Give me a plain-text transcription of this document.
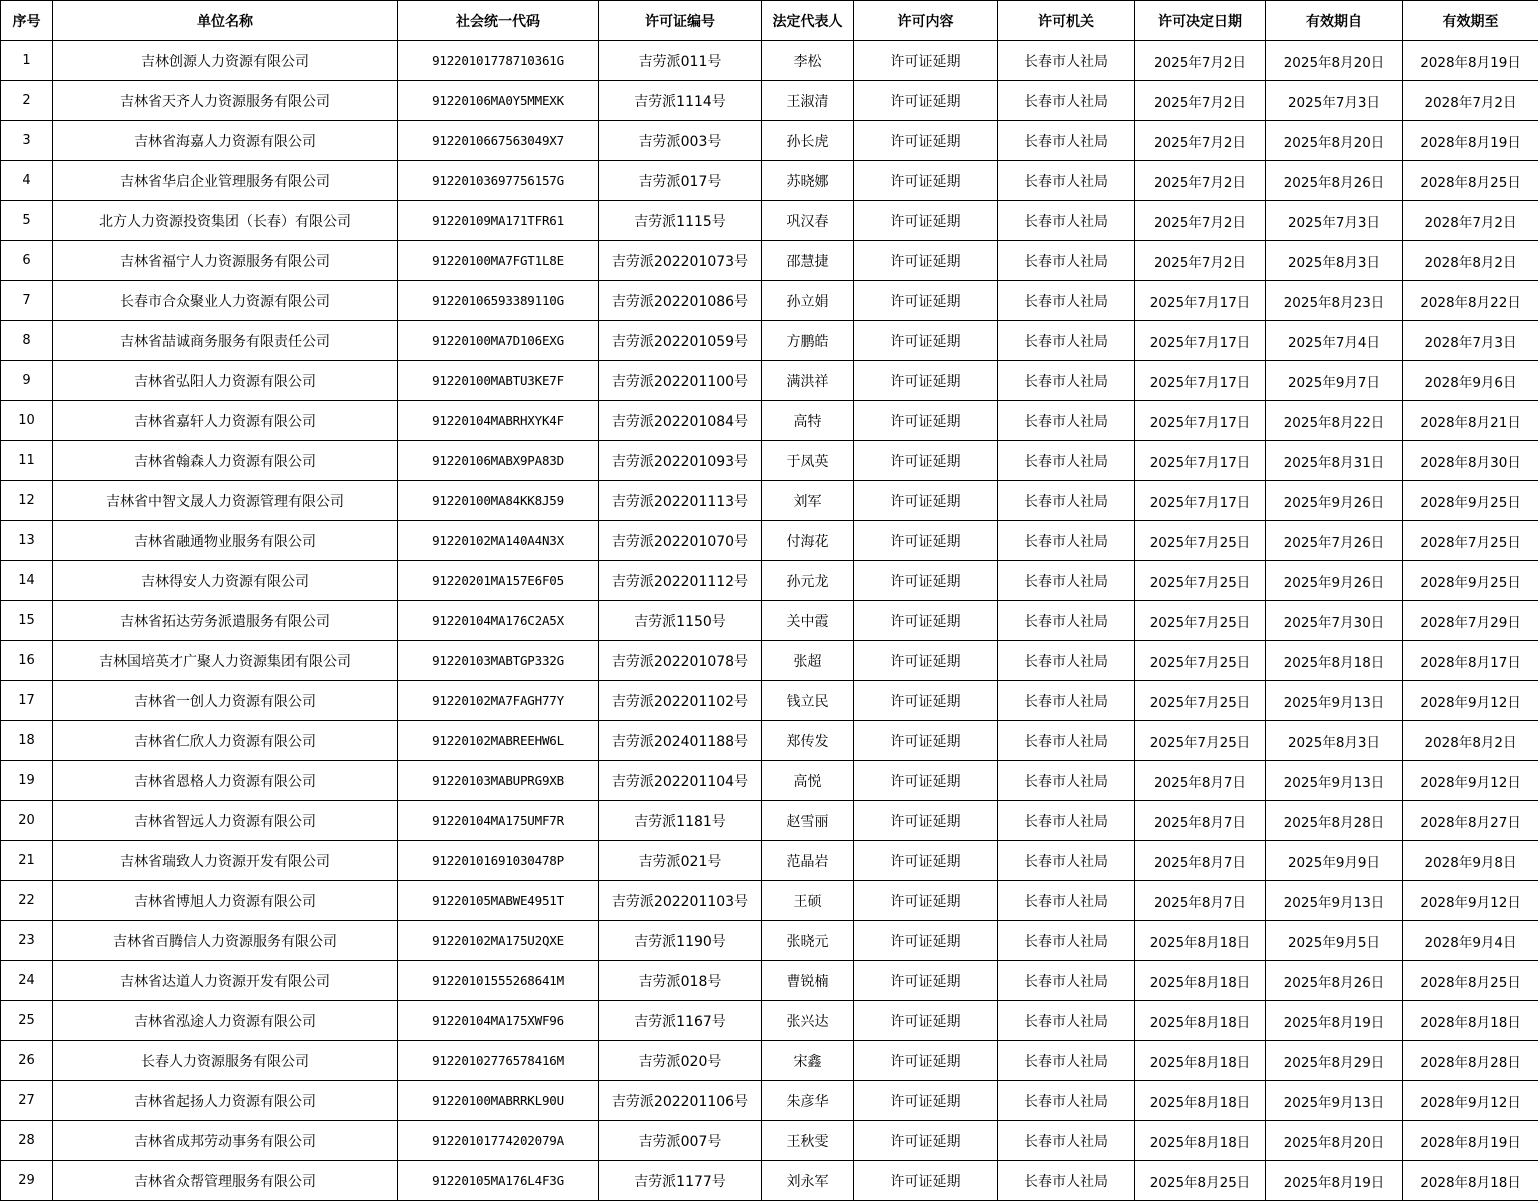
序号	单位名称	社会统一代码	许可证编号	法定代表人	许可内容	许可机关	许可决定日期	有效期自	有效期至
1	吉林创源人力资源有限公司	91220101778710361G	吉劳派011号	李松	许可证延期	长春市人社局	2025年7月2日	2025年8月20日	2028年8月19日
2	吉林省天齐人力资源服务有限公司	91220106MA0Y5MMEXK	吉劳派1114号	王淑清	许可证延期	长春市人社局	2025年7月2日	2025年7月3日	2028年7月2日
3	吉林省海嘉人力资源有限公司	9122010667563049X7	吉劳派003号	孙长虎	许可证延期	长春市人社局	2025年7月2日	2025年8月20日	2028年8月19日
4	吉林省华启企业管理服务有限公司	91220103697756157G	吉劳派017号	苏晓娜	许可证延期	长春市人社局	2025年7月2日	2025年8月26日	2028年8月25日
5	北方人力资源投资集团（长春）有限公司	91220109MA171TFR61	吉劳派1115号	巩汉春	许可证延期	长春市人社局	2025年7月2日	2025年7月3日	2028年7月2日
6	吉林省福宁人力资源服务有限公司	91220100MA7FGT1L8E	吉劳派202201073号	邵慧捷	许可证延期	长春市人社局	2025年7月2日	2025年8月3日	2028年8月2日
7	长春市合众聚业人力资源有限公司	91220106593389110G	吉劳派202201086号	孙立娟	许可证延期	长春市人社局	2025年7月17日	2025年8月23日	2028年8月22日
8	吉林省喆诚商务服务有限责任公司	91220100MA7D106EXG	吉劳派202201059号	方鹏皓	许可证延期	长春市人社局	2025年7月17日	2025年7月4日	2028年7月3日
9	吉林省弘阳人力资源有限公司	91220100MABTU3KE7F	吉劳派202201100号	满洪祥	许可证延期	长春市人社局	2025年7月17日	2025年9月7日	2028年9月6日
10	吉林省嘉轩人力资源有限公司	91220104MABRHXYK4F	吉劳派202201084号	高特	许可证延期	长春市人社局	2025年7月17日	2025年8月22日	2028年8月21日
11	吉林省翰森人力资源有限公司	91220106MABX9PA83D	吉劳派202201093号	于凤英	许可证延期	长春市人社局	2025年7月17日	2025年8月31日	2028年8月30日
12	吉林省中智文晟人力资源管理有限公司	91220100MA84KK8J59	吉劳派202201113号	刘军	许可证延期	长春市人社局	2025年7月17日	2025年9月26日	2028年9月25日
13	吉林省融通物业服务有限公司	91220102MA140A4N3X	吉劳派202201070号	付海花	许可证延期	长春市人社局	2025年7月25日	2025年7月26日	2028年7月25日
14	吉林得安人力资源有限公司	91220201MA157E6F05	吉劳派202201112号	孙元龙	许可证延期	长春市人社局	2025年7月25日	2025年9月26日	2028年9月25日
15	吉林省拓达劳务派遣服务有限公司	91220104MA176C2A5X	吉劳派1150号	关中霞	许可证延期	长春市人社局	2025年7月25日	2025年7月30日	2028年7月29日
16	吉林国培英才广聚人力资源集团有限公司	91220103MABTGP332G	吉劳派202201078号	张超	许可证延期	长春市人社局	2025年7月25日	2025年8月18日	2028年8月17日
17	吉林省一创人力资源有限公司	91220102MA7FAGH77Y	吉劳派202201102号	钱立民	许可证延期	长春市人社局	2025年7月25日	2025年9月13日	2028年9月12日
18	吉林省仁欣人力资源有限公司	91220102MABREEHW6L	吉劳派202401188号	郑传发	许可证延期	长春市人社局	2025年7月25日	2025年8月3日	2028年8月2日
19	吉林省恩格人力资源有限公司	91220103MABUPRG9XB	吉劳派202201104号	高悦	许可证延期	长春市人社局	2025年8月7日	2025年9月13日	2028年9月12日
20	吉林省智远人力资源有限公司	91220104MA175UMF7R	吉劳派1181号	赵雪丽	许可证延期	长春市人社局	2025年8月7日	2025年8月28日	2028年8月27日
21	吉林省瑞致人力资源开发有限公司	91220101691030478P	吉劳派021号	范晶岩	许可证延期	长春市人社局	2025年8月7日	2025年9月9日	2028年9月8日
22	吉林省博旭人力资源有限公司	91220105MABWE4951T	吉劳派202201103号	王硕	许可证延期	长春市人社局	2025年8月7日	2025年9月13日	2028年9月12日
23	吉林省百腾信人力资源服务有限公司	91220102MA175U2QXE	吉劳派1190号	张晓元	许可证延期	长春市人社局	2025年8月18日	2025年9月5日	2028年9月4日
24	吉林省达道人力资源开发有限公司	91220101555268641M	吉劳派018号	曹锐楠	许可证延期	长春市人社局	2025年8月18日	2025年8月26日	2028年8月25日
25	吉林省泓途人力资源有限公司	91220104MA175XWF96	吉劳派1167号	张兴达	许可证延期	长春市人社局	2025年8月18日	2025年8月19日	2028年8月18日
26	长春人力资源服务有限公司	91220102776578416M	吉劳派020号	宋鑫	许可证延期	长春市人社局	2025年8月18日	2025年8月29日	2028年8月28日
27	吉林省起扬人力资源有限公司	91220100MABRRKL90U	吉劳派202201106号	朱彦华	许可证延期	长春市人社局	2025年8月18日	2025年9月13日	2028年9月12日
28	吉林省成邦劳动事务有限公司	91220101774202079A	吉劳派007号	王秋雯	许可证延期	长春市人社局	2025年8月18日	2025年8月20日	2028年8月19日
29	吉林省众帮管理服务有限公司	91220105MA176L4F3G	吉劳派1177号	刘永军	许可证延期	长春市人社局	2025年8月25日	2025年8月19日	2028年8月18日
